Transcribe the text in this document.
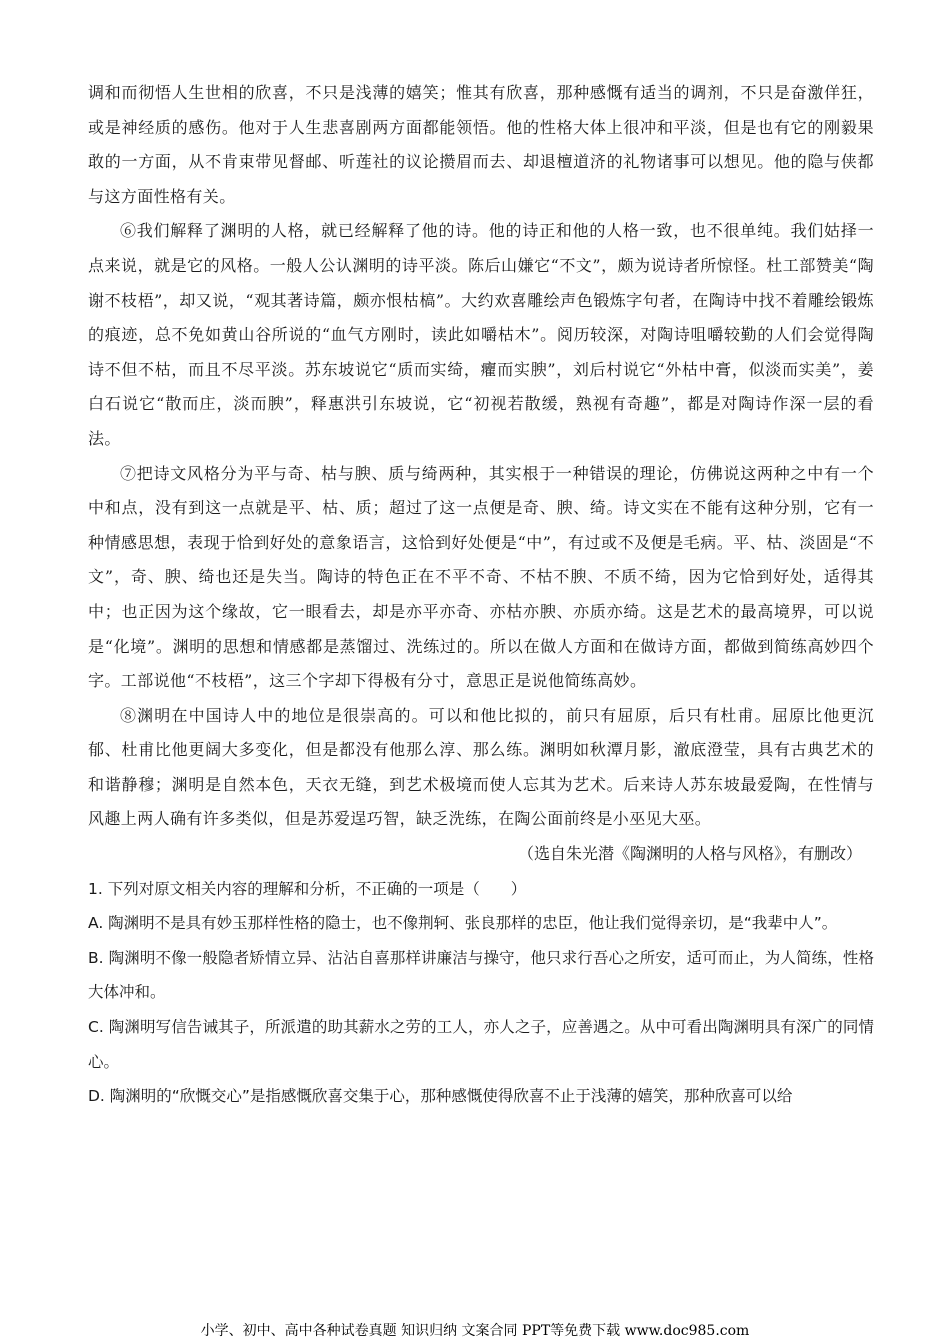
调和而彻悟人生世相的欣喜，不只是浅薄的嬉笑；惟其有欣喜，那种感慨有适当的调剂，不只是奋激佯狂，或是神经质的感伤。他对于人生悲喜剧两方面都能领悟。他的性格大体上很冲和平淡，但是也有它的刚毅果敢的一方面，从不肯束带见督邮、听莲社的议论攒眉而去、却退檀道济的礼物诸事可以想见。他的隐与侠都与这方面性格有关。

⑥我们解释了渊明的人格，就已经解释了他的诗。他的诗正和他的人格一致，也不很单纯。我们姑择一点来说，就是它的风格。一般人公认渊明的诗平淡。陈后山嫌它“不文”，颇为说诗者所惊怪。杜工部赞美“陶谢不枝梧”，却又说，“观其著诗篇，颇亦恨枯槁”。大约欢喜雕绘声色锻炼字句者，在陶诗中找不着雕绘锻炼的痕迹，总不免如黄山谷所说的“血气方刚时，读此如嚼枯木”。阅历较深，对陶诗咀嚼较勤的人们会觉得陶诗不但不枯，而且不尽平淡。苏东坡说它“质而实绮，癯而实腴”，刘后村说它“外枯中膏，似淡而实美”，姜白石说它“散而庄，淡而腴”，释惠洪引东坡说，它“初视若散缓，熟视有奇趣”，都是对陶诗作深一层的看法。

⑦把诗文风格分为平与奇、枯与腴、质与绮两种，其实根于一种错误的理论，仿佛说这两种之中有一个中和点，没有到这一点就是平、枯、质；超过了这一点便是奇、腴、绮。诗文实在不能有这种分别，它有一种情感思想，表现于恰到好处的意象语言，这恰到好处便是“中”，有过或不及便是毛病。平、枯、淡固是“不文”，奇、腴、绮也还是失当。陶诗的特色正在不平不奇、不枯不腴、不质不绮，因为它恰到好处，适得其中；也正因为这个缘故，它一眼看去，却是亦平亦奇、亦枯亦腴、亦质亦绮。这是艺术的最高境界，可以说是“化境”。渊明的思想和情感都是蒸馏过、洗练过的。所以在做人方面和在做诗方面，都做到简练高妙四个字。工部说他“不枝梧”，这三个字却下得极有分寸，意思正是说他简练高妙。

⑧渊明在中国诗人中的地位是很崇高的。可以和他比拟的，前只有屈原，后只有杜甫。屈原比他更沉郁、杜甫比他更阔大多变化，但是都没有他那么淳、那么练。渊明如秋潭月影，澈底澄莹，具有古典艺术的和谐静穆；渊明是自然本色，天衣无缝，到艺术极境而使人忘其为艺术。后来诗人苏东坡最爱陶，在性情与风趣上两人确有许多类似，但是苏爱逞巧智，缺乏洗练，在陶公面前终是小巫见大巫。

（选自朱光潜《陶渊明的人格与风格》，有删改）

1. 下列对原文相关内容的理解和分析，不正确的一项是（　　）

A. 陶渊明不是具有妙玉那样性格的隐士，也不像荆轲、张良那样的忠臣，他让我们觉得亲切，是“我辈中人”。

B. 陶渊明不像一般隐者矫情立异、沾沾自喜那样讲廉洁与操守，他只求行吾心之所安，适可而止，为人简练，性格大体冲和。

C. 陶渊明写信告诫其子，所派遣的助其薪水之劳的工人，亦人之子，应善遇之。从中可看出陶渊明具有深广的同情心。

D. 陶渊明的“欣慨交心”是指感慨欣喜交集于心，那种感慨使得欣喜不止于浅薄的嬉笑，那种欣喜可以给

小学、初中、高中各种试卷真题 知识归纳 文案合同 PPT等免费下载 www.doc985.com
